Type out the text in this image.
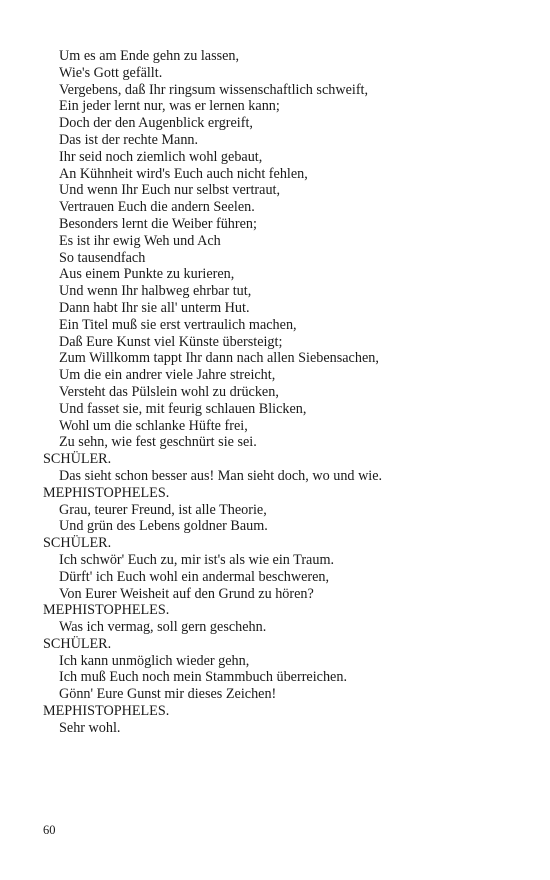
Um es am Ende gehn zu lassen,
Wie's Gott gefällt.
Vergebens, daß Ihr ringsum wissenschaftlich schweift,
Ein jeder lernt nur, was er lernen kann;
Doch der den Augenblick ergreift,
Das ist der rechte Mann.
Ihr seid noch ziemlich wohl gebaut,
An Kühnheit wird's Euch auch nicht fehlen,
Und wenn Ihr Euch nur selbst vertraut,
Vertrauen Euch die andern Seelen.
Besonders lernt die Weiber führen;
Es ist ihr ewig Weh und Ach
So tausendfach
Aus einem Punkte zu kurieren,
Und wenn Ihr halbweg ehrbar tut,
Dann habt Ihr sie all' unterm Hut.
Ein Titel muß sie erst vertraulich machen,
Daß Eure Kunst viel Künste übersteigt;
Zum Willkomm tappt Ihr dann nach allen Siebensachen,
Um die ein andrer viele Jahre streicht,
Versteht das Pülslein wohl zu drücken,
Und fasset sie, mit feurig schlauen Blicken,
Wohl um die schlanke Hüfte frei,
Zu sehn, wie fest geschnürt sie sei.
SCHÜLER.
Das sieht schon besser aus! Man sieht doch, wo und wie.
MEPHISTOPHELES.
Grau, teurer Freund, ist alle Theorie,
Und grün des Lebens goldner Baum.
SCHÜLER.
Ich schwör' Euch zu, mir ist's als wie ein Traum.
Dürft' ich Euch wohl ein andermal beschweren,
Von Eurer Weisheit auf den Grund zu hören?
MEPHISTOPHELES.
Was ich vermag, soll gern geschehn.
SCHÜLER.
Ich kann unmöglich wieder gehn,
Ich muß Euch noch mein Stammbuch überreichen.
Gönn' Eure Gunst mir dieses Zeichen!
MEPHISTOPHELES.
Sehr wohl.
60
